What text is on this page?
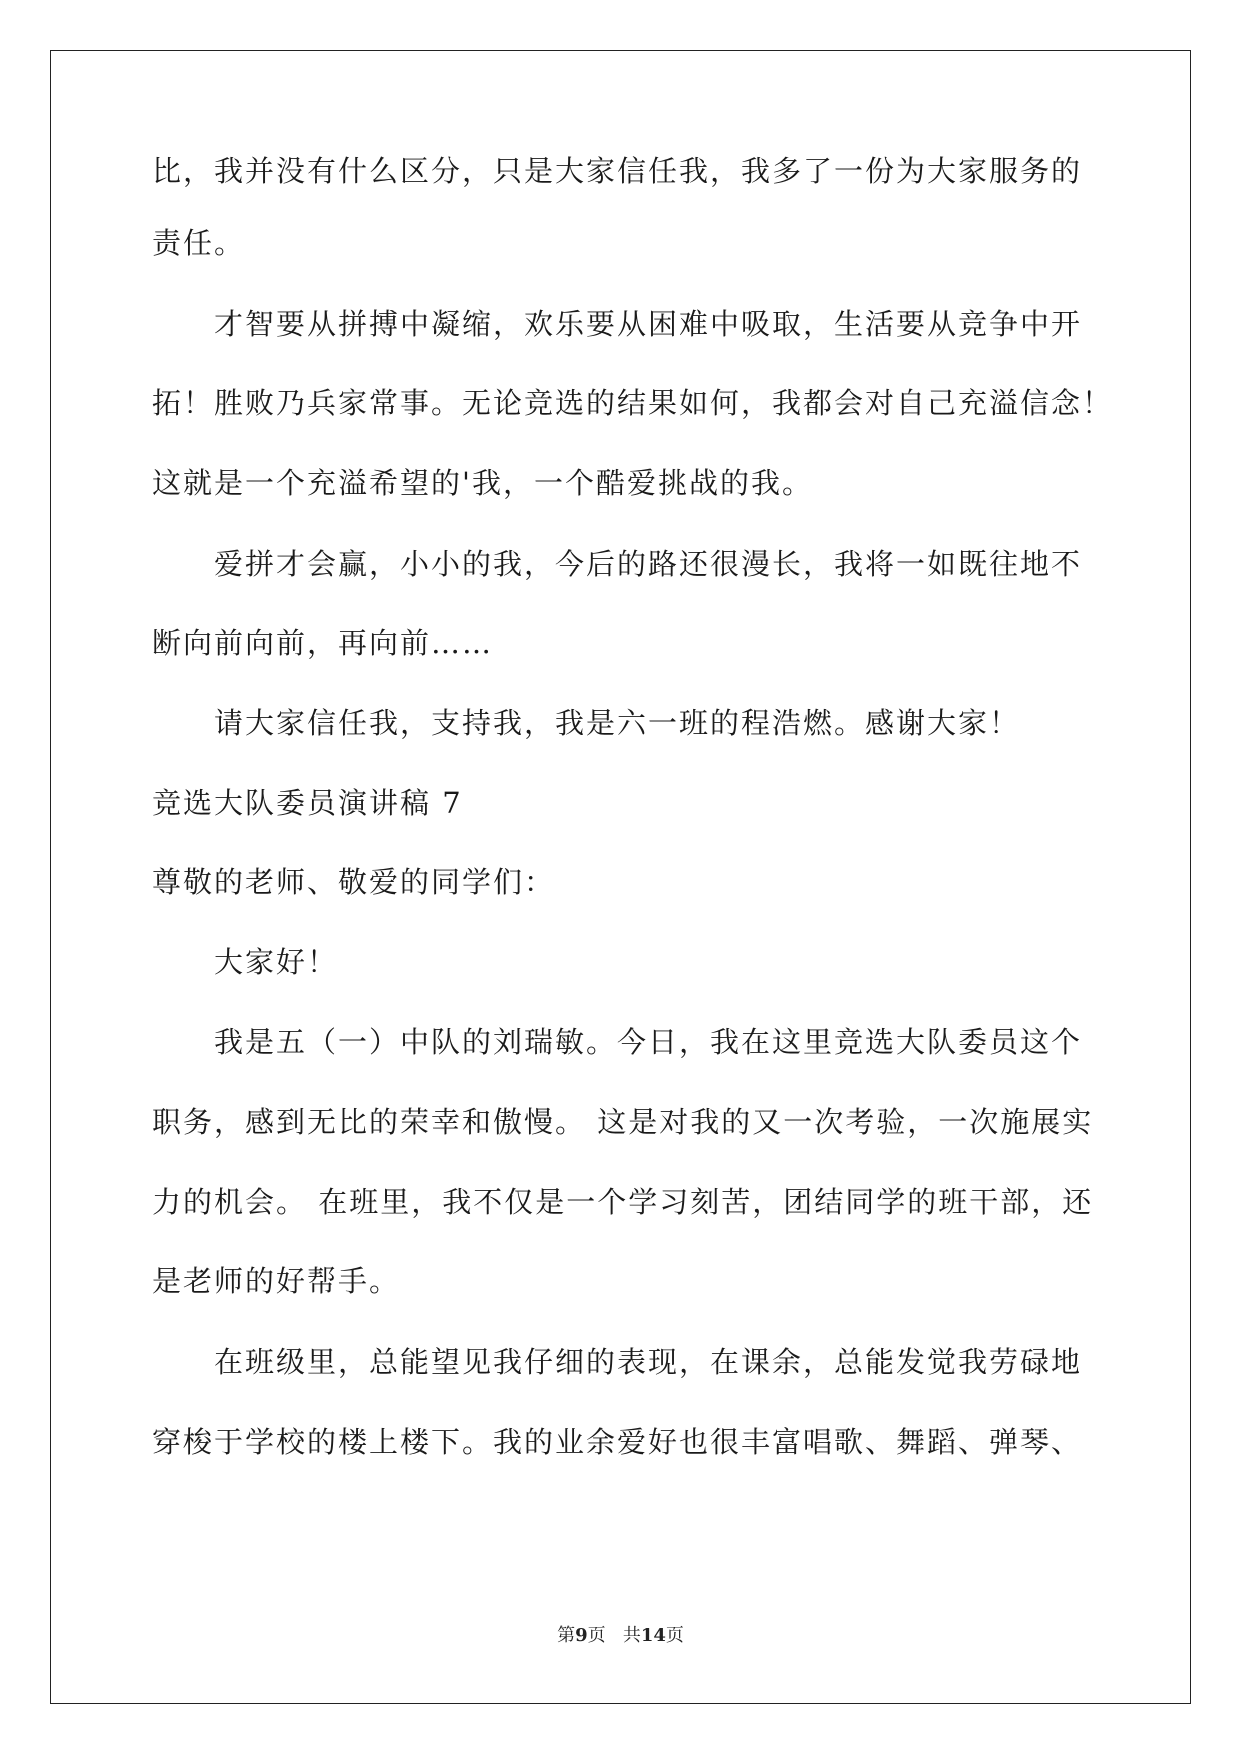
比，我并没有什么区分，只是大家信任我，我多了一份为大家服务的
责任。
才智要从拼搏中凝缩，欢乐要从困难中吸取，生活要从竞争中开
拓！胜败乃兵家常事。无论竞选的结果如何，我都会对自己充溢信念！
这就是一个充溢希望的'我，一个酷爱挑战的我。
爱拼才会赢，小小的我，今后的路还很漫长，我将一如既往地不
断向前向前，再向前……
请大家信任我，支持我，我是六一班的程浩燃。感谢大家！
竞选大队委员演讲稿 7
尊敬的老师、敬爱的同学们：
大家好！
我是五（一）中队的刘瑞敏。今日，我在这里竞选大队委员这个
职务，感到无比的荣幸和傲慢。 这是对我的又一次考验，一次施展实
力的机会。 在班里，我不仅是一个学习刻苦，团结同学的班干部，还
是老师的好帮手。
在班级里，总能望见我仔细的表现，在课余，总能发觉我劳碌地
穿梭于学校的楼上楼下。我的业余爱好也很丰富唱歌、舞蹈、弹琴、
第9页 共14页
